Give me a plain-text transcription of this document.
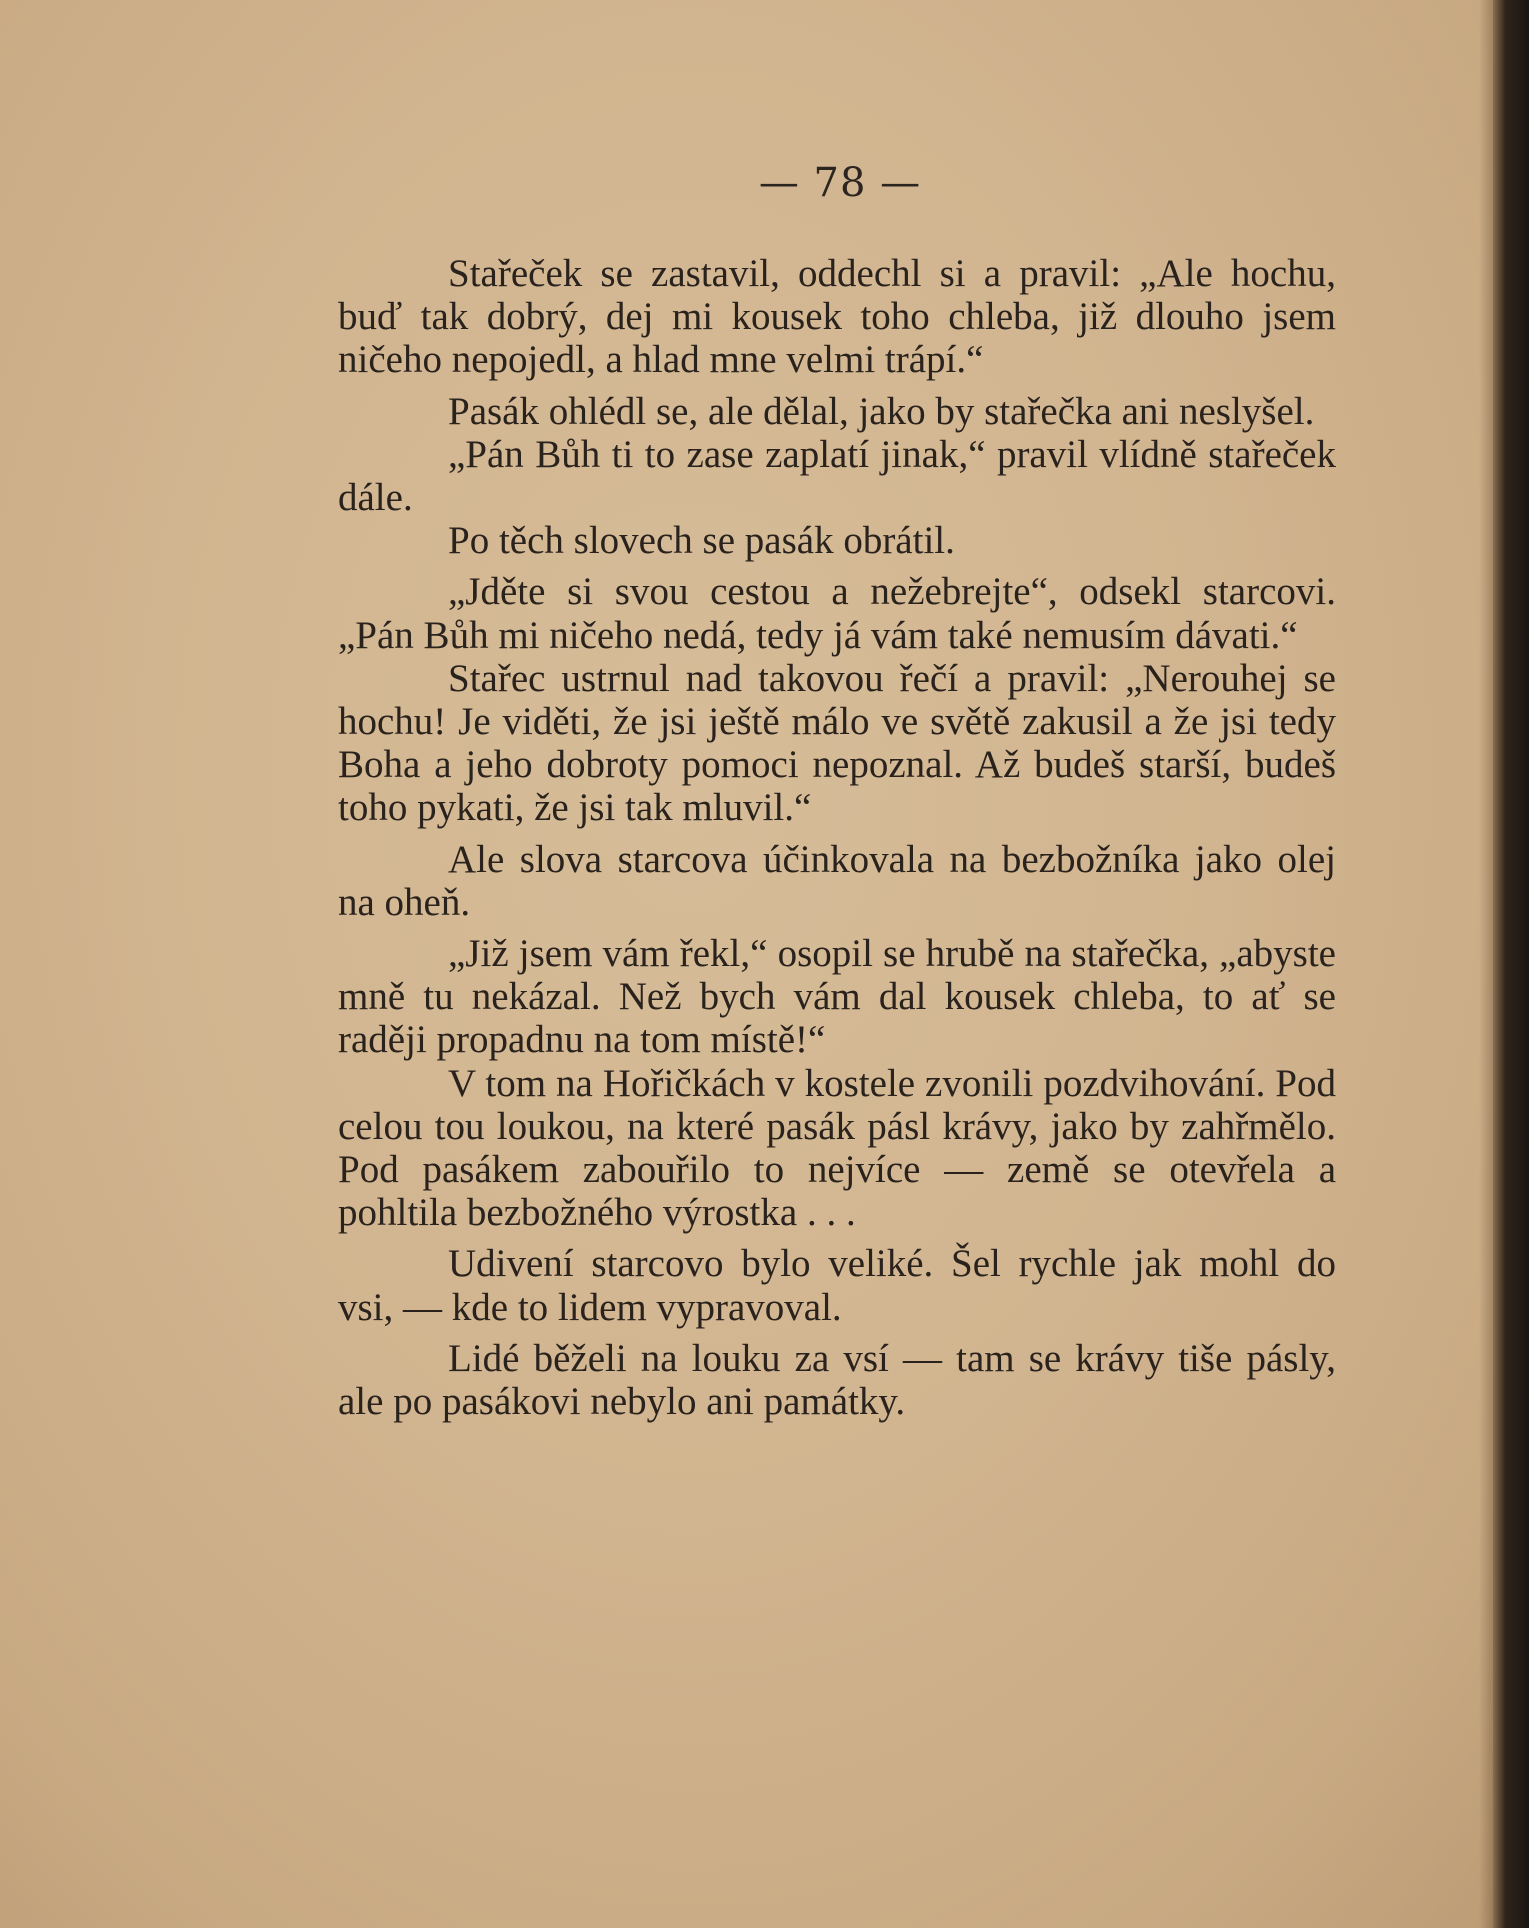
— 78 —

Stařeček se zastavil, oddechl si a pravil: „Ale hochu, buď tak dobrý, dej mi kousek toho chleba, již dlouho jsem ničeho nepojedl, a hlad mne velmi trápí.“

Pasák ohlédl se, ale dělal, jako by stařečka ani neslyšel.

„Pán Bůh ti to zase zaplatí jinak,“ pravil vlídně stařeček dále.

Po těch slovech se pasák obrátil.

„Jděte si svou cestou a nežebrejte“, odsekl starcovi. „Pán Bůh mi ničeho nedá, tedy já vám také nemusím dávati.“

Stařec ustrnul nad takovou řečí a pravil: „Nerouhej se hochu! Je viděti, že jsi ještě málo ve světě zakusil a že jsi tedy Boha a jeho dobroty pomoci nepoznal. Až budeš starší, budeš toho pykati, že jsi tak mluvil.“

Ale slova starcova účinkovala na bezbožníka jako olej na oheň.

„Již jsem vám řekl,“ osopil se hrubě na stařečka, „abyste mně tu nekázal. Než bych vám dal kousek chleba, to ať se raději propadnu na tom místě!“

V tom na Hořičkách v kostele zvonili pozdvihování. Pod celou tou loukou, na které pasák pásl krávy, jako by zahřmělo. Pod pasákem zabouřilo to nejvíce — země se otevřela a pohltila bezbožného výrostka . . .

Udivení starcovo bylo veliké. Šel rychle jak mohl do vsi, — kde to lidem vypravoval.

Lidé běželi na louku za vsí — tam se krávy tiše pásly, ale po pasákovi nebylo ani památky.
